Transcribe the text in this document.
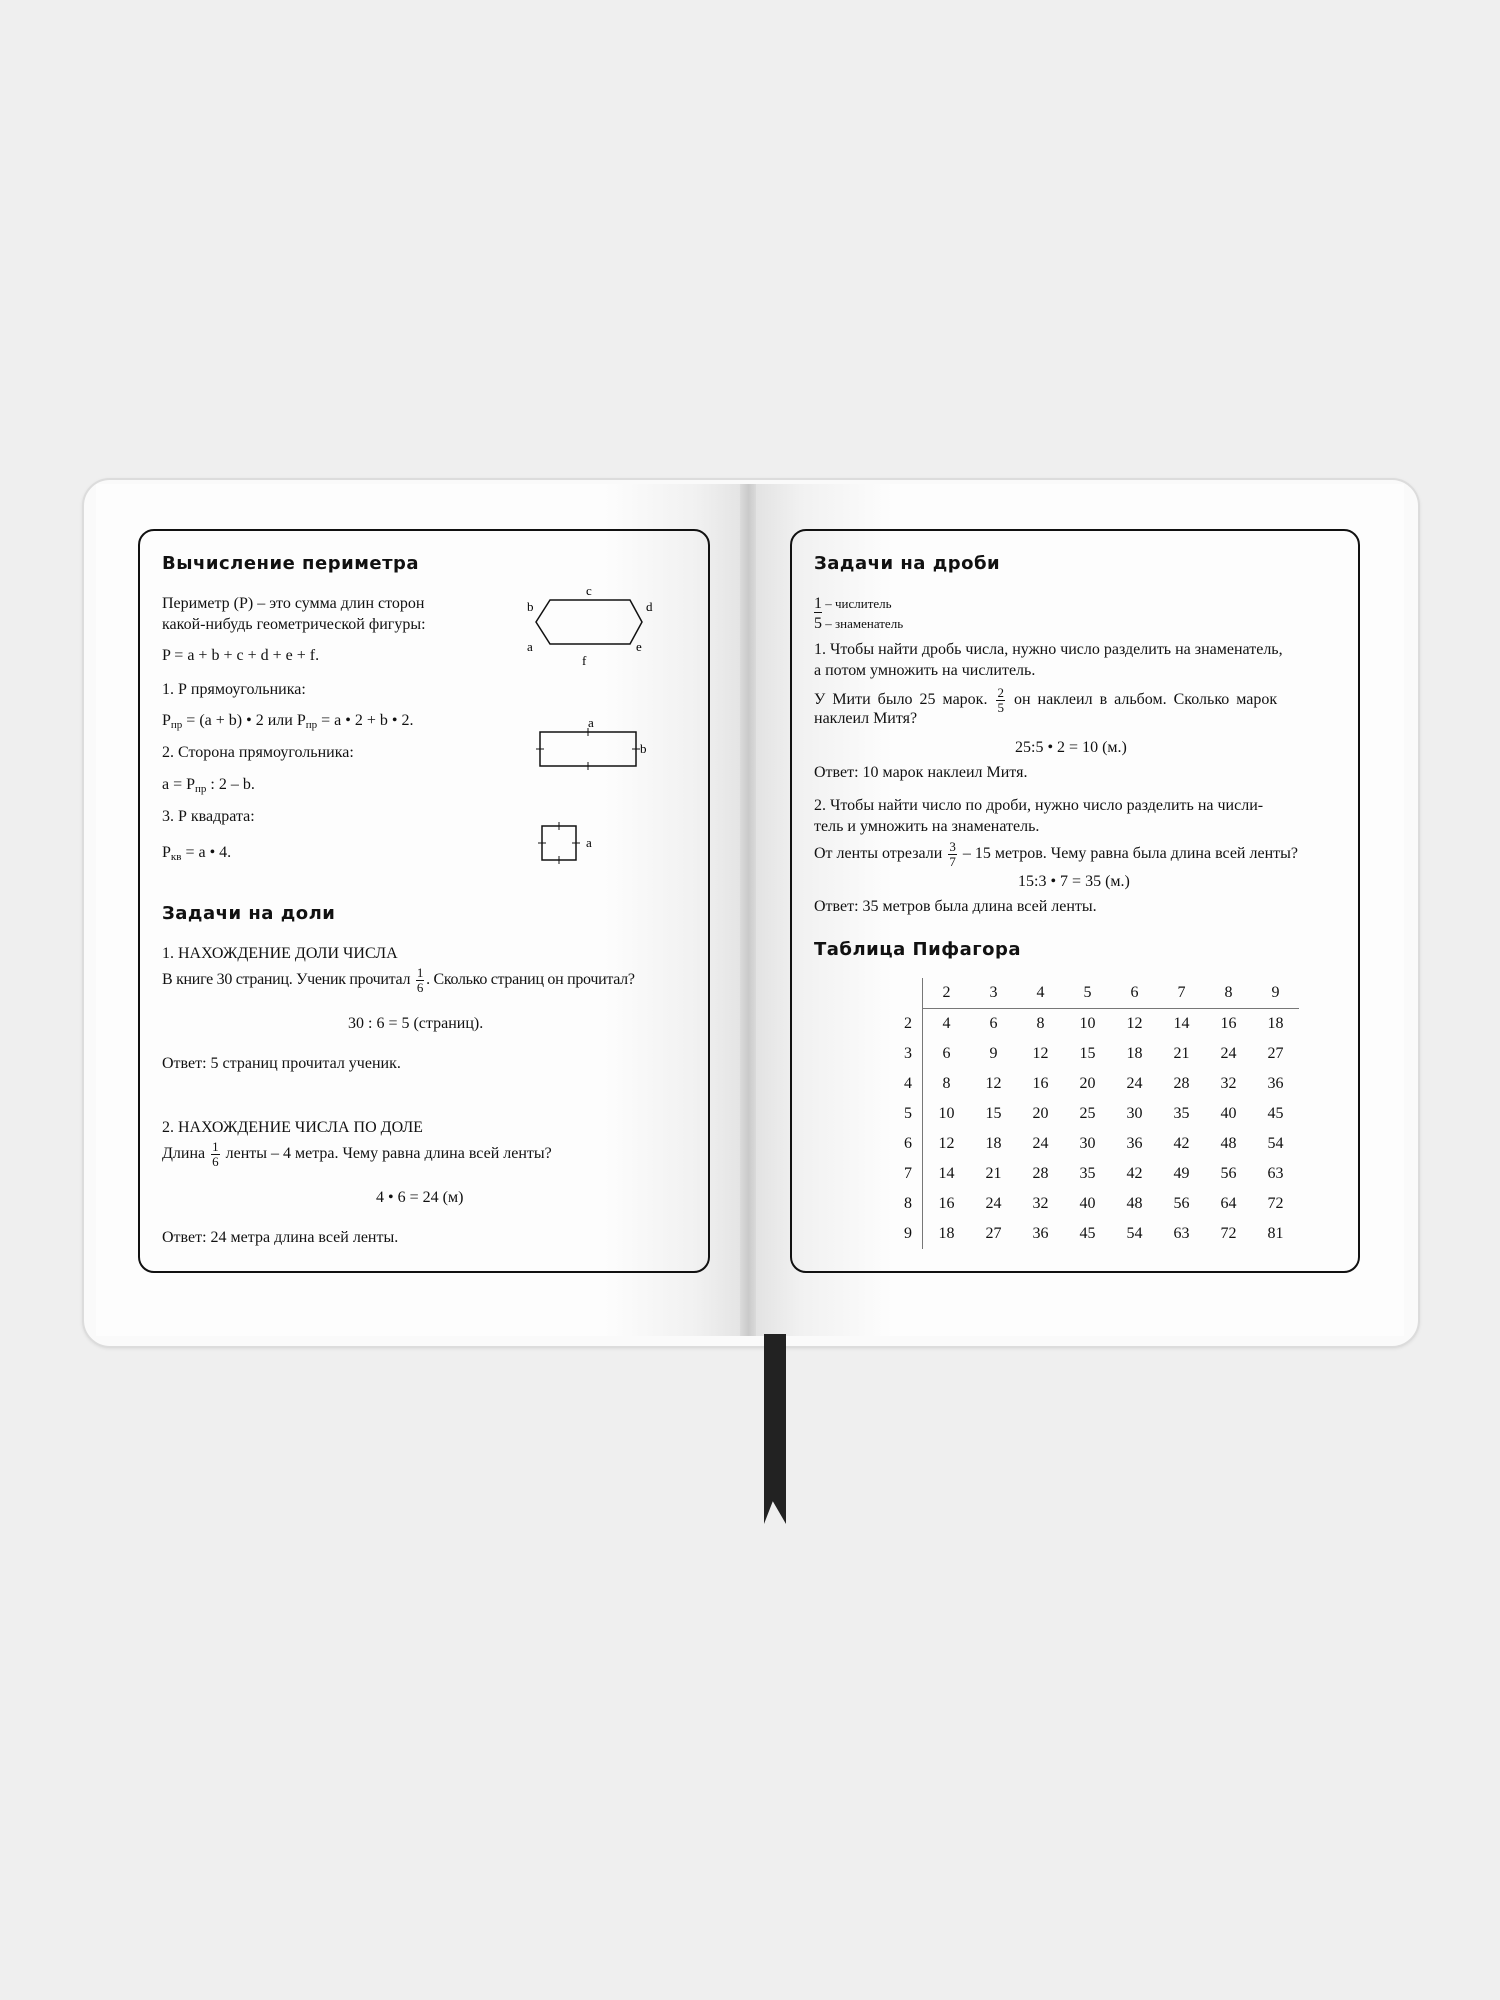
Вычисление периметра
Периметр (Р) – это сумма длин сторон
какой-нибудь геометрической фигуры:
P = a + b + c + d + e + f.
1. Р прямоугольника:
$P_{пр} = (a + b)$ • 2 или $P_{пр} = a$ • 2 + b • 2.
2. Сторона прямоугольника:
$a = P_{пр}$ : 2 – b.
3. Р квадрата:
$P_{кв} = a$ • 4.
c
b	d
a	e
f
a
b
a
Задачи на доли
1. НАХОЖДЕНИЕ ДОЛИ ЧИСЛА
В книге 30 страниц. Ученик прочитал $\frac{1}{6}$ . Сколько страниц он прочитал?
30 : 6 = 5 (страниц).
Ответ: 5 страниц прочитал ученик.
2. НАХОЖДЕНИЕ ЧИСЛА ПО ДОЛЕ
Длина $\frac{1}{6}$ ленты – 4 метра. Чему равна длина всей ленты?
4 • 6 = 24 (м)
Ответ: 24 метра длина всей ленты.
Задачи на дроби
1 – числитель
5 – знаменатель
1. Чтобы найти дробь числа, нужно число разделить на знаменатель,
а потом умножить на числитель.
У Мити было 25 марок. $\frac{2}{5}$ он наклеил в альбом. Сколько марок
наклеил Митя?
25:5 • 2 = 10 (м.)
Ответ: 10 марок наклеил Митя.
2. Чтобы найти число по дроби, нужно число разделить на числи-
тель и умножить на знаменатель.
От ленты отрезали $\frac{3}{7} - 15$ метров. Чему равна была длина всей ленты?
15:3 • 7 = 35 (м.)
Ответ: 35 метров была длина всей ленты.
Таблица Пифагора
	2	3	4	5	6	7	8	9
2	4	6	8	10	12	14	16	18
3	6	9	12	15	18	21	24	27
4	8	12	16	20	24	28	32	36
5	10	15	20	25	30	35	40	45
6	12	18	24	30	36	42	48	54
7	14	21	28	35	42	49	56	63
8	16	24	32	40	48	56	64	72
9	18	27	36	45	54	63	72	81
